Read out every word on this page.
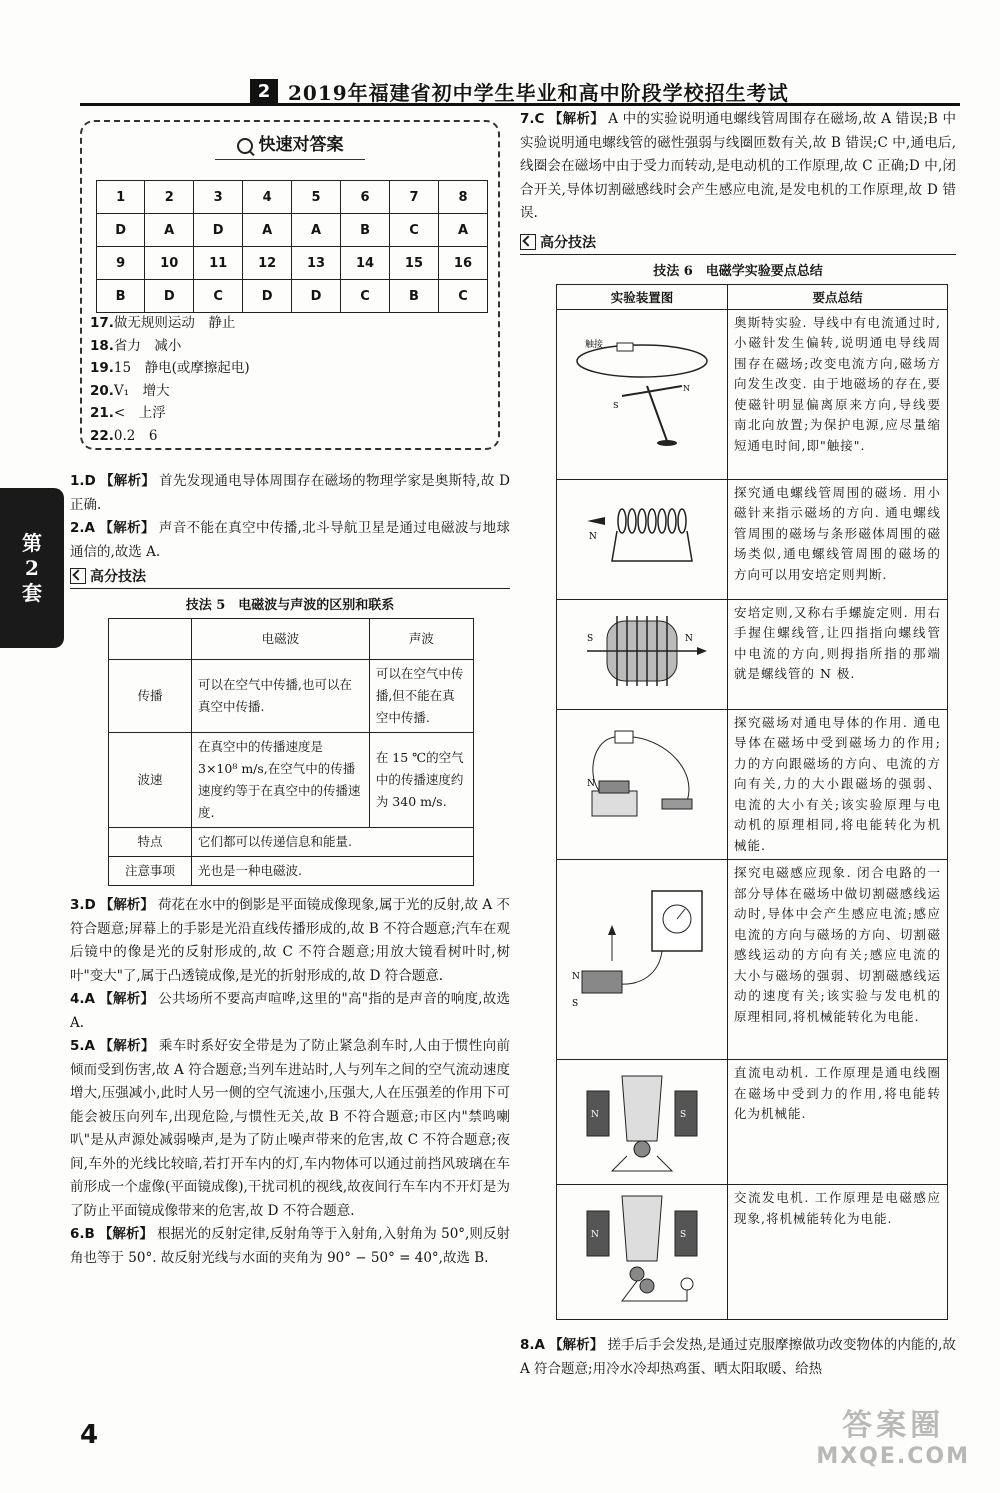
2 2019年福建省初中学生毕业和高中阶段学校招生考试
第
2
套
快速对答案
1	2	3	4	5	6	7	8
D	A	D	A	A	B	C	A
9	10	11	12	13	14	15	16
B	D	C	D	D	C	B	C
17.做无规则运动　静止
18.省力　减小
19.15　静电(或摩擦起电)
20.V₁　增大
21.<　上浮
22.0.2　6

1.D 【解析】 首先发现通电导体周围存在磁场的物理学家是奥斯特,故 D 正确.

2.A 【解析】 声音不能在真空中传播,北斗导航卫星是通过电磁波与地球通信的,故选 A.

高分技法
技法 5　电磁波与声波的区别和联系
	电磁波	声波
传播	可以在空气中传播,也可以在真空中传播.	可以在空气中传播,但不能在真空中传播.
波速	在真空中的传播速度是 3×10⁸ m/s,在空气中的传播速度约等于在真空中的传播速度.	在 15 ℃的空气中的传播速度约为 340 m/s.
特点	它们都可以传递信息和能量.	
注意事项	光也是一种电磁波.	

3.D 【解析】 荷花在水中的倒影是平面镜成像现象,属于光的反射,故 A 不符合题意;屏幕上的手影是光沿直线传播形成的,故 B 不符合题意;汽车在观后镜中的像是光的反射形成的,故 C 不符合题意;用放大镜看树叶时,树叶"变大"了,属于凸透镜成像,是光的折射形成的,故 D 符合题意.

4.A 【解析】 公共场所不要高声喧哗,这里的"高"指的是声音的响度,故选 A.

5.A 【解析】 乘车时系好安全带是为了防止紧急刹车时,人由于惯性向前倾而受到伤害,故 A 符合题意;当列车进站时,人与列车之间的空气流动速度增大,压强减小,此时人另一侧的空气流速小,压强大,人在压强差的作用下可能会被压向列车,出现危险,与惯性无关,故 B 不符合题意;市区内"禁鸣喇叭"是从声源处减弱噪声,是为了防止噪声带来的危害,故 C 不符合题意;夜间,车外的光线比较暗,若打开车内的灯,车内物体可以通过前挡风玻璃在车前形成一个虚像(平面镜成像),干扰司机的视线,故夜间行车车内不开灯是为了防止平面镜成像带来的危害,故 D 不符合题意.

6.B 【解析】 根据光的反射定律,反射角等于入射角,入射角为 50°,则反射角也等于 50°. 故反射光线与水面的夹角为 90° − 50° = 40°,故选 B.

7.C 【解析】 A 中的实验说明通电螺线管周围存在磁场,故 A 错误;B 中实验说明通电螺线管的磁性强弱与线圈匝数有关,故 B 错误;C 中,通电后,线圈会在磁场中由于受力而转动,是电动机的工作原理,故 C 正确;D 中,闭合开关,导体切割磁感线时会产生感应电流,是发电机的工作原理,故 D 错误.

高分技法
技法 6　电磁学实验要点总结
实验装置图	要点总结

触接
S
N	奥斯特实验. 导线中有电流通过时,小磁针发生偏转,说明通电导线周围存在磁场;改变电流方向,磁场方向发生改变. 由于地磁场的存在,要使磁针明显偏离原来方向,导线要南北向放置;为保护电源,应尽量缩短通电时间,即"触接".

N	探究通电螺线管周围的磁场. 用小磁针来指示磁场的方向. 通电螺线管周围的磁场与条形磁体周围的磁场类似,通电螺线管周围的磁场的方向可以用安培定则判断.

S N	安培定则,又称右手螺旋定则. 用右手握住螺线管,让四指指向螺线管中电流的方向,则拇指所指的那端就是螺线管的 N 极.

N	探究磁场对通电导体的作用. 通电导体在磁场中受到磁场力的作用;力的方向跟磁场的方向、电流的方向有关,力的大小跟磁场的强弱、电流的大小有关;该实验原理与电动机的原理相同,将电能转化为机械能.

N
S	探究电磁感应现象. 闭合电路的一部分导体在磁场中做切割磁感线运动时,导体中会产生感应电流;感应电流的方向与磁场的方向、切割磁感线运动的方向有关;感应电流的大小与磁场的强弱、切割磁感线运动的速度有关;该实验与发电机的原理相同,将机械能转化为电能.

N S	直流电动机. 工作原理是通电线圈在磁场中受到力的作用,将电能转化为机械能.

N S	交流发电机. 工作原理是电磁感应现象,将机械能转化为电能.

8.A 【解析】 搓手后手会发热,是通过克服摩擦做功改变物体的内能的,故 A 符合题意;用冷水冷却热鸡蛋、晒太阳取暖、给热

4	答案圈
MXQE.COM
